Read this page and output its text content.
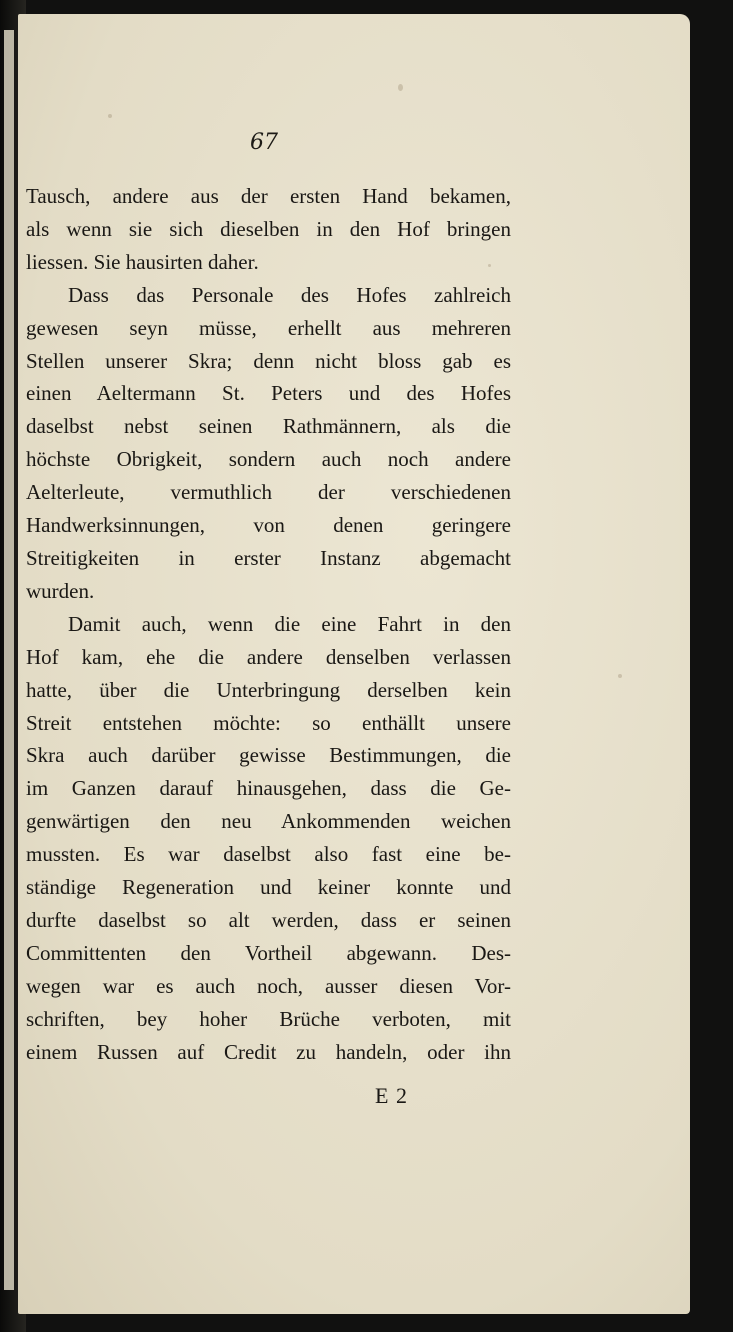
67
Tausch, andere aus der ersten Hand bekamen,
als wenn sie sich dieselben in den Hof bringen
liessen. Sie hausirten daher.
Dass das Personale des Hofes zahlreich
gewesen seyn müsse, erhellt aus mehreren
Stellen unserer Skra; denn nicht bloss gab es
einen Aeltermann St. Peters und des Hofes
daselbst nebst seinen Rathmännern, als die
höchste Obrigkeit, sondern auch noch andere
Aelterleute, vermuthlich der verschiedenen
Handwerksinnungen, von denen geringere
Streitigkeiten in erster Instanz abgemacht
wurden.
Damit auch, wenn die eine Fahrt in den
Hof kam, ehe die andere denselben verlassen
hatte, über die Unterbringung derselben kein
Streit entstehen möchte: so enthällt unsere
Skra auch darüber gewisse Bestimmungen, die
im Ganzen darauf hinausgehen, dass die Ge-
genwärtigen den neu Ankommenden weichen
mussten. Es war daselbst also fast eine be-
ständige Regeneration und keiner konnte und
durfte daselbst so alt werden, dass er seinen
Committenten den Vortheil abgewann. Des-
wegen war es auch noch, ausser diesen Vor-
schriften, bey hoher Brüche verboten, mit
einem Russen auf Credit zu handeln, oder ihn
E 2
